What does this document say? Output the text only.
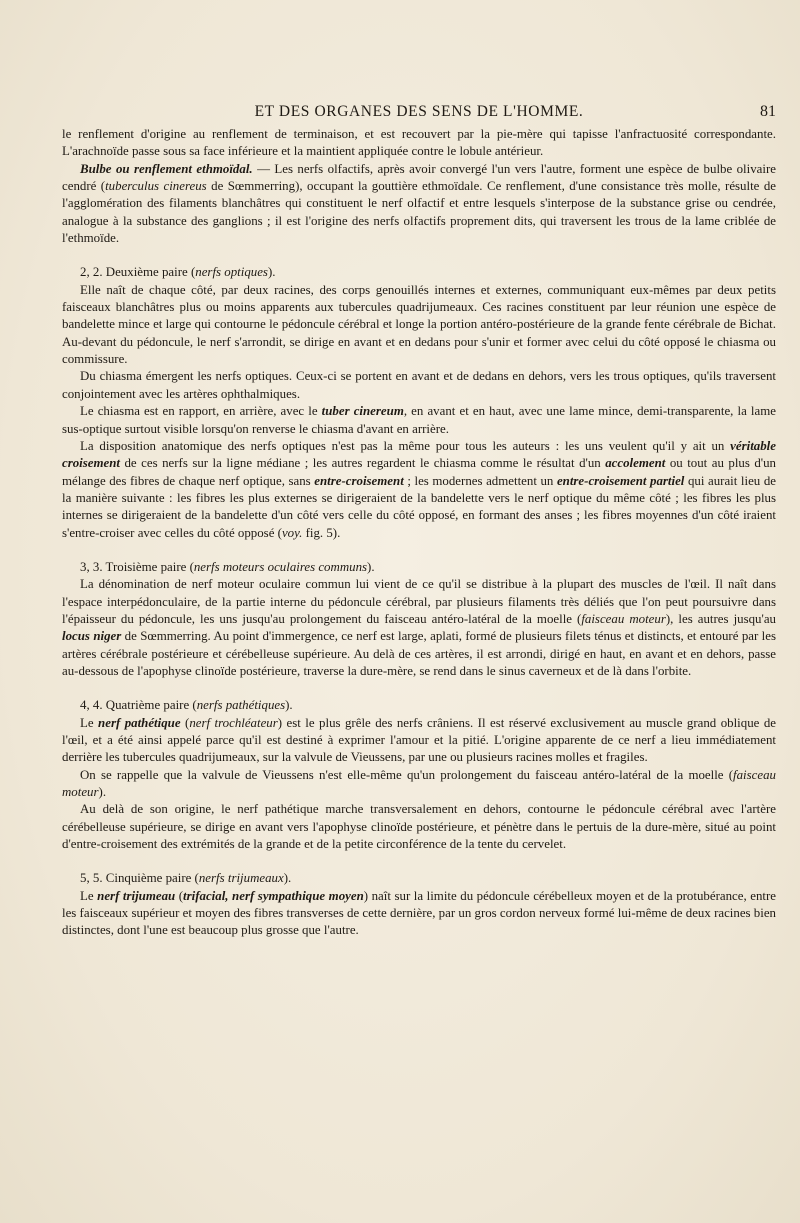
ET DES ORGANES DES SENS DE L'HOMME.	81

le renflement d'origine au renflement de terminaison, et est recouvert par la pie-mère qui tapisse l'anfractuosité correspondante. L'arachnoïde passe sous sa face inférieure et la maintient appliquée contre le lobule antérieur.

Bulbe ou renflement ethmoïdal. — Les nerfs olfactifs, après avoir convergé l'un vers l'autre, forment une espèce de bulbe olivaire cendré (tuberculus cinereus de Sœmmerring), occupant la gouttière ethmoïdale. Ce renflement, d'une consistance très molle, résulte de l'agglomération des filaments blanchâtres qui constituent le nerf olfactif et entre lesquels s'interpose de la substance grise ou cendrée, analogue à la substance des ganglions ; il est l'origine des nerfs olfactifs proprement dits, qui traversent les trous de la lame criblée de l'ethmoïde.

2, 2. Deuxième paire (nerfs optiques).

Elle naît de chaque côté, par deux racines, des corps genouillés internes et externes, communiquant eux-mêmes par deux petits faisceaux blanchâtres plus ou moins apparents aux tubercules quadrijumeaux. Ces racines constituent par leur réunion une espèce de bandelette mince et large qui contourne le pédoncule cérébral et longe la portion antéro-postérieure de la grande fente cérébrale de Bichat. Au-devant du pédoncule, le nerf s'arrondit, se dirige en avant et en dedans pour s'unir et former avec celui du côté opposé le chiasma ou commissure.

Du chiasma émergent les nerfs optiques. Ceux-ci se portent en avant et de dedans en dehors, vers les trous optiques, qu'ils traversent conjointement avec les artères ophthalmiques.

Le chiasma est en rapport, en arrière, avec le tuber cinereum, en avant et en haut, avec une lame mince, demi-transparente, la lame sus-optique surtout visible lorsqu'on renverse le chiasma d'avant en arrière.

La disposition anatomique des nerfs optiques n'est pas la même pour tous les auteurs : les uns veulent qu'il y ait un véritable croisement de ces nerfs sur la ligne médiane ; les autres regardent le chiasma comme le résultat d'un accolement ou tout au plus d'un mélange des fibres de chaque nerf optique, sans entre-croisement ; les modernes admettent un entre-croisement partiel qui aurait lieu de la manière suivante : les fibres les plus externes se dirigeraient de la bandelette vers le nerf optique du même côté ; les fibres les plus internes se dirigeraient de la bandelette d'un côté vers celle du côté opposé, en formant des anses ; les fibres moyennes d'un côté iraient s'entre-croiser avec celles du côté opposé (voy. fig. 5).

3, 3. Troisième paire (nerfs moteurs oculaires communs).

La dénomination de nerf moteur oculaire commun lui vient de ce qu'il se distribue à la plupart des muscles de l'œil. Il naît dans l'espace interpédonculaire, de la partie interne du pédoncule cérébral, par plusieurs filaments très déliés que l'on peut poursuivre dans l'épaisseur du pédoncule, les uns jusqu'au prolongement du faisceau antéro-latéral de la moelle (faisceau moteur), les autres jusqu'au locus niger de Sœmmerring. Au point d'immergence, ce nerf est large, aplati, formé de plusieurs filets ténus et distincts, et entouré par les artères cérébrale postérieure et cérébelleuse supérieure. Au delà de ces artères, il est arrondi, dirigé en haut, en avant et en dehors, passe au-dessous de l'apophyse clinoïde postérieure, traverse la dure-mère, se rend dans le sinus caverneux et de là dans l'orbite.

4, 4. Quatrième paire (nerfs pathétiques).

Le nerf pathétique (nerf trochléateur) est le plus grêle des nerfs crâniens. Il est réservé exclusivement au muscle grand oblique de l'œil, et a été ainsi appelé parce qu'il est destiné à exprimer l'amour et la pitié. L'origine apparente de ce nerf a lieu immédiatement derrière les tubercules quadrijumeaux, sur la valvule de Vieussens, par une ou plusieurs racines molles et fragiles.

On se rappelle que la valvule de Vieussens n'est elle-même qu'un prolongement du faisceau antéro-latéral de la moelle (faisceau moteur).

Au delà de son origine, le nerf pathétique marche transversalement en dehors, contourne le pédoncule cérébral avec l'artère cérébelleuse supérieure, se dirige en avant vers l'apophyse clinoïde postérieure, et pénètre dans le pertuis de la dure-mère, situé au point d'entre-croisement des extrémités de la grande et de la petite circonférence de la tente du cervelet.

5, 5. Cinquième paire (nerfs trijumeaux).

Le nerf trijumeau (trifacial, nerf sympathique moyen) naît sur la limite du pédoncule cérébelleux moyen et de la protubérance, entre les faisceaux supérieur et moyen des fibres transverses de cette dernière, par un gros cordon nerveux formé lui-même de deux racines bien distinctes, dont l'une est beaucoup plus grosse que l'autre.
